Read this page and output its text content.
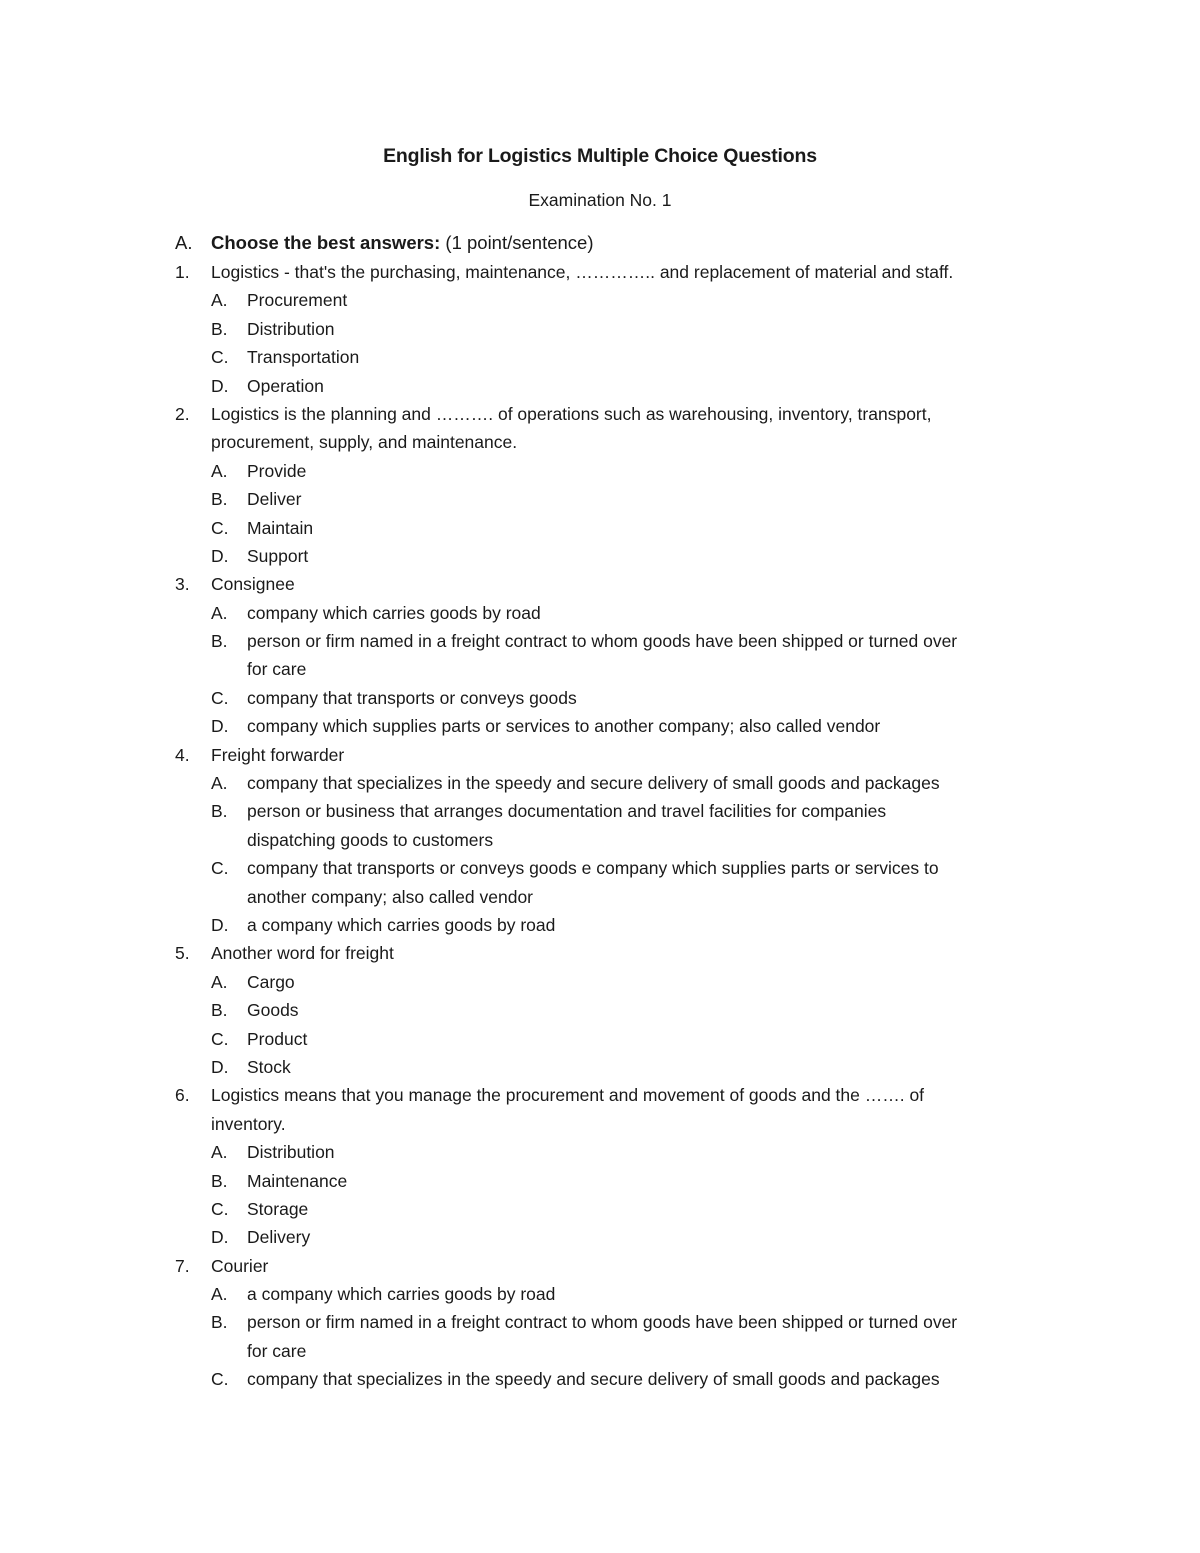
English for Logistics Multiple Choice Questions
Examination No. 1
A. Choose the best answers: (1 point/sentence)
1. Logistics - that's the purchasing, maintenance, ………….. and replacement of material and staff.
A. Procurement
B. Distribution
C. Transportation
D. Operation
2. Logistics is the planning and ………. of operations such as warehousing, inventory, transport,
procurement, supply, and maintenance.
A. Provide
B. Deliver
C. Maintain
D. Support
3. Consignee
A. company which carries goods by road
B. person or firm named in a freight contract to whom goods have been shipped or turned over
for care
C. company that transports or conveys goods
D. company which supplies parts or services to another company; also called vendor
4. Freight forwarder
A. company that specializes in the speedy and secure delivery of small goods and packages
B. person or business that arranges documentation and travel facilities for companies
dispatching goods to customers
C. company that transports or conveys goods e company which supplies parts or services to
another company; also called vendor
D. a company which carries goods by road
5. Another word for freight
A. Cargo
B. Goods
C. Product
D. Stock
6. Logistics means that you manage the procurement and movement of goods and the ……. of
inventory.
A. Distribution
B. Maintenance
C. Storage
D. Delivery
7. Courier
A. a company which carries goods by road
B. person or firm named in a freight contract to whom goods have been shipped or turned over
for care
C. company that specializes in the speedy and secure delivery of small goods and packages
